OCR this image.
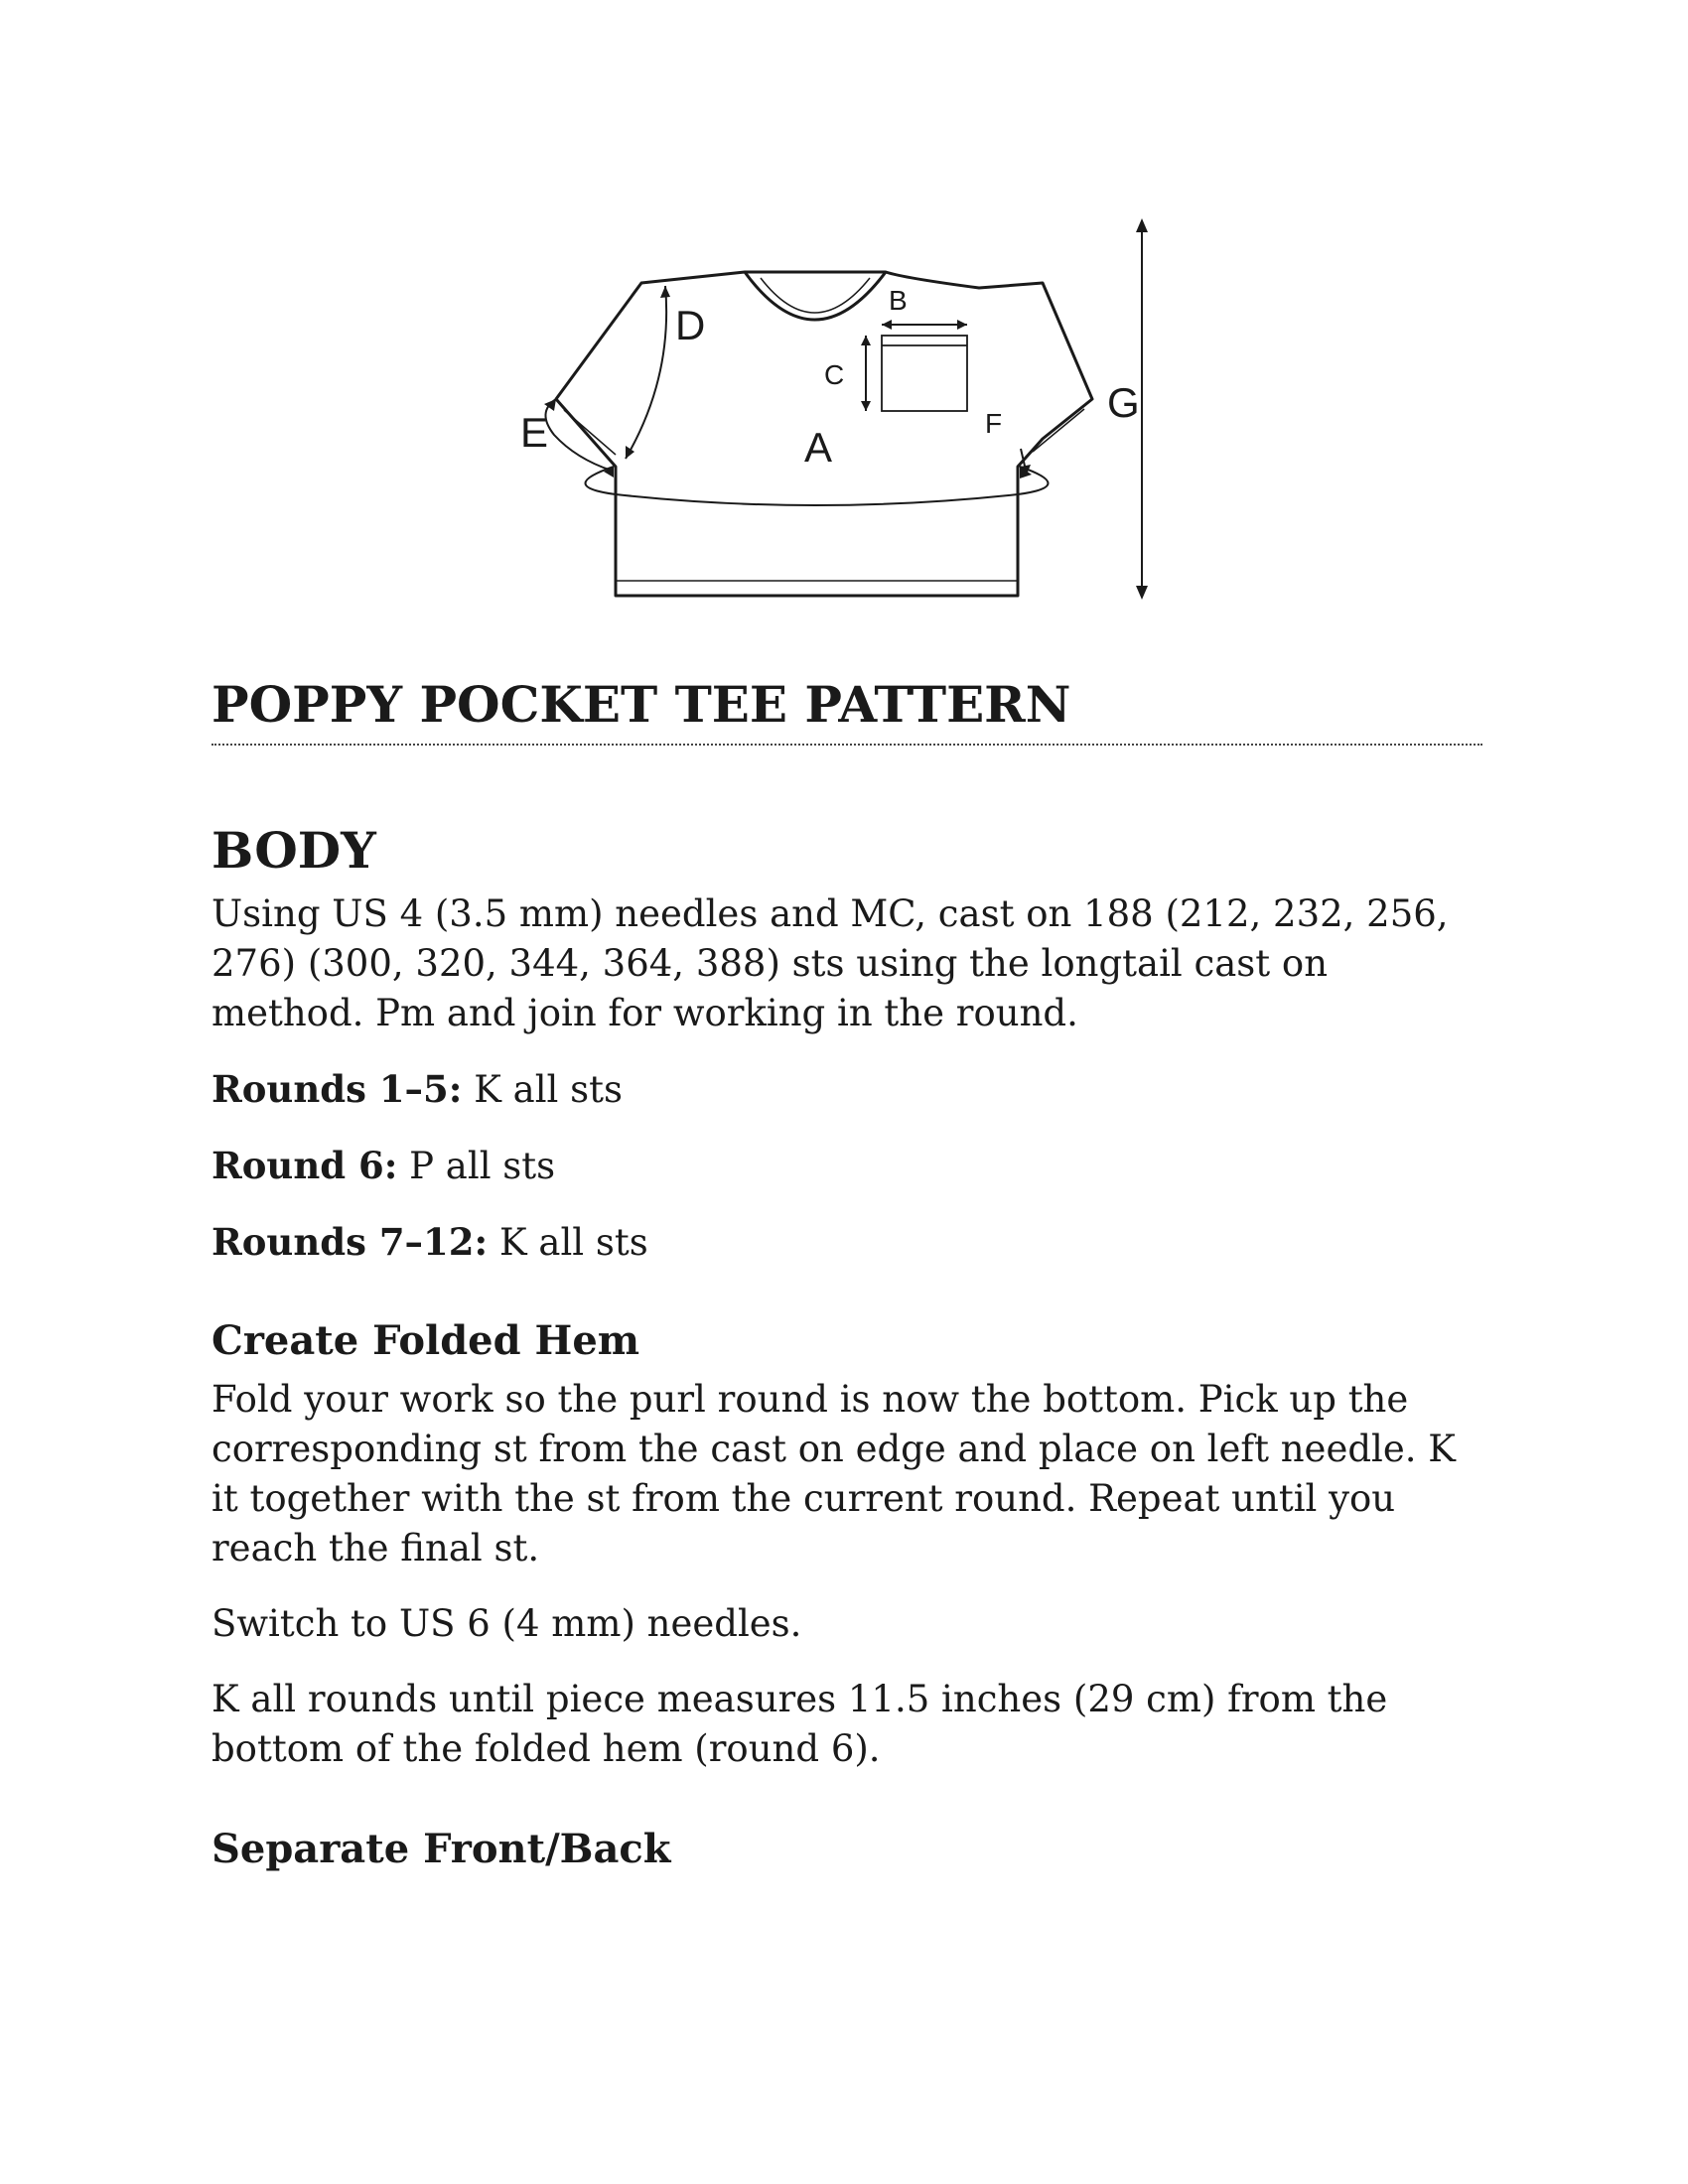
B
C
D
E	A
F	G
POPPY POCKET TEE PATTERN
BODY

Using US 4 (3.5 mm) needles and MC, cast on 188 (212, 232, 256, 276) (300, 320, 344, 364, 388) sts using the longtail cast on method. Pm and join for working in the round.

Rounds 1–5: K all sts

Round 6: P all sts

Rounds 7–12: K all sts

Create Folded Hem

Fold your work so the purl round is now the bottom. Pick up the corresponding st from the cast on edge and place on left needle. K it together with the st from the current round. Repeat until you reach the final st.

Switch to US 6 (4 mm) needles.

K all rounds until piece measures 11.5 inches (29 cm) from the bottom of the folded hem (round 6).

Separate Front/Back
